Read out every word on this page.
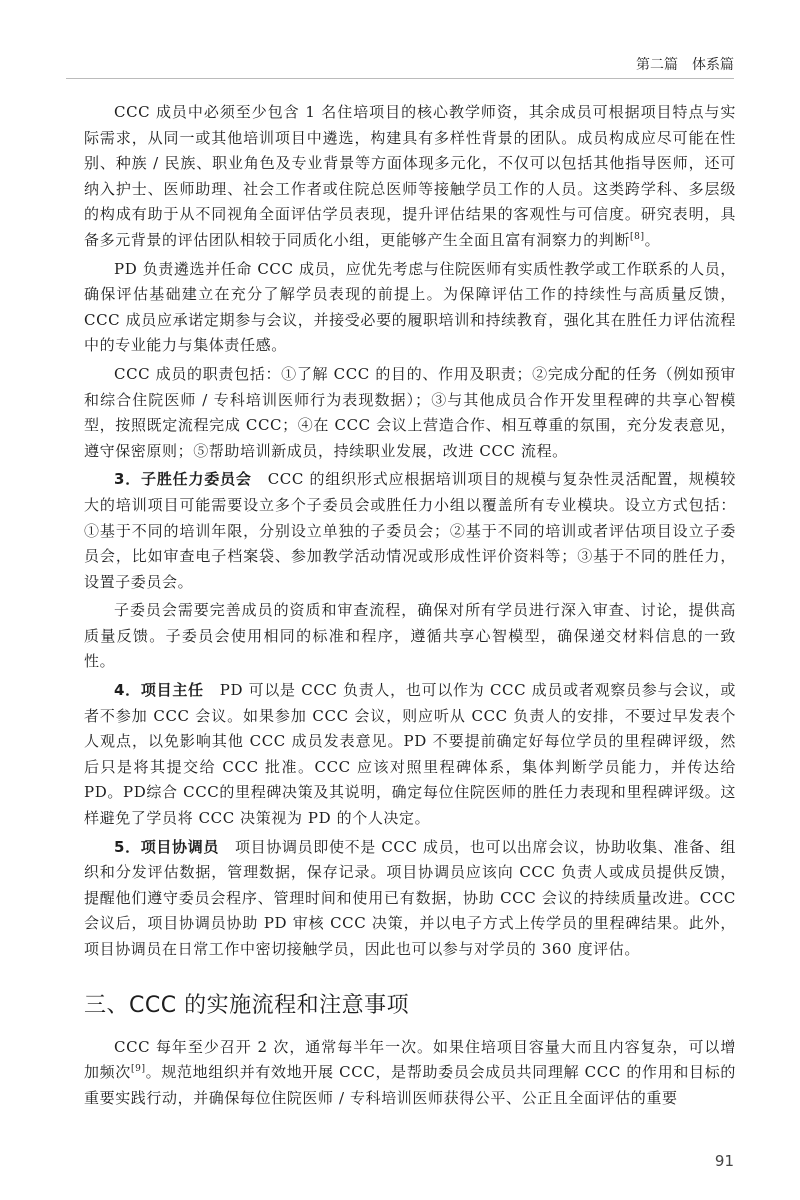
第二篇　体系篇

CCC 成员中必须至少包含 1 名住培项目的核心教学师资，其余成员可根据项目特点与实际需求，从同一或其他培训项目中遴选，构建具有多样性背景的团队。成员构成应尽可能在性别、种族 / 民族、职业角色及专业背景等方面体现多元化，不仅可以包括其他指导医师，还可纳入护士、医师助理、社会工作者或住院总医师等接触学员工作的人员。这类跨学科、多层级的构成有助于从不同视角全面评估学员表现，提升评估结果的客观性与可信度。研究表明，具备多元背景的评估团队相较于同质化小组，更能够产生全面且富有洞察力的判断[8]。

PD 负责遴选并任命 CCC 成员，应优先考虑与住院医师有实质性教学或工作联系的人员，确保评估基础建立在充分了解学员表现的前提上。为保障评估工作的持续性与高质量反馈，CCC 成员应承诺定期参与会议，并接受必要的履职培训和持续教育，强化其在胜任力评估流程中的专业能力与集体责任感。

CCC 成员的职责包括：①了解 CCC 的目的、作用及职责；②完成分配的任务（例如预审和综合住院医师 / 专科培训医师行为表现数据）；③与其他成员合作开发里程碑的共享心智模型，按照既定流程完成 CCC；④在 CCC 会议上营造合作、相互尊重的氛围，充分发表意见，遵守保密原则；⑤帮助培训新成员，持续职业发展，改进 CCC 流程。

3．子胜任力委员会 CCC 的组织形式应根据培训项目的规模与复杂性灵活配置，规模较大的培训项目可能需要设立多个子委员会或胜任力小组以覆盖所有专业模块。设立方式包括：①基于不同的培训年限，分别设立单独的子委员会；②基于不同的培训或者评估项目设立子委员会，比如审查电子档案袋、参加教学活动情况或形成性评价资料等；③基于不同的胜任力，设置子委员会。

子委员会需要完善成员的资质和审查流程，确保对所有学员进行深入审查、讨论，提供高质量反馈。子委员会使用相同的标准和程序，遵循共享心智模型，确保递交材料信息的一致性。

4．项目主任 PD 可以是 CCC 负责人，也可以作为 CCC 成员或者观察员参与会议，或者不参加 CCC 会议。如果参加 CCC 会议，则应听从 CCC 负责人的安排，不要过早发表个人观点，以免影响其他 CCC 成员发表意见。PD 不要提前确定好每位学员的里程碑评级，然后只是将其提交给 CCC 批准。CCC 应该对照里程碑体系，集体判断学员能力，并传达给 PD。PD综合 CCC的里程碑决策及其说明，确定每位住院医师的胜任力表现和里程碑评级。这样避免了学员将 CCC 决策视为 PD 的个人决定。

5．项目协调员 项目协调员即使不是 CCC 成员，也可以出席会议，协助收集、准备、组织和分发评估数据，管理数据，保存记录。项目协调员应该向 CCC 负责人或成员提供反馈，提醒他们遵守委员会程序、管理时间和使用已有数据，协助 CCC 会议的持续质量改进。CCC 会议后，项目协调员协助 PD 审核 CCC 决策，并以电子方式上传学员的里程碑结果。此外，项目协调员在日常工作中密切接触学员，因此也可以参与对学员的 360 度评估。

三、CCC 的实施流程和注意事项

CCC 每年至少召开 2 次，通常每半年一次。如果住培项目容量大而且内容复杂，可以增加频次[9]。规范地组织并有效地开展 CCC，是帮助委员会成员共同理解 CCC 的作用和目标的重要实践行动，并确保每位住院医师 / 专科培训医师获得公平、公正且全面评估的重要

91
